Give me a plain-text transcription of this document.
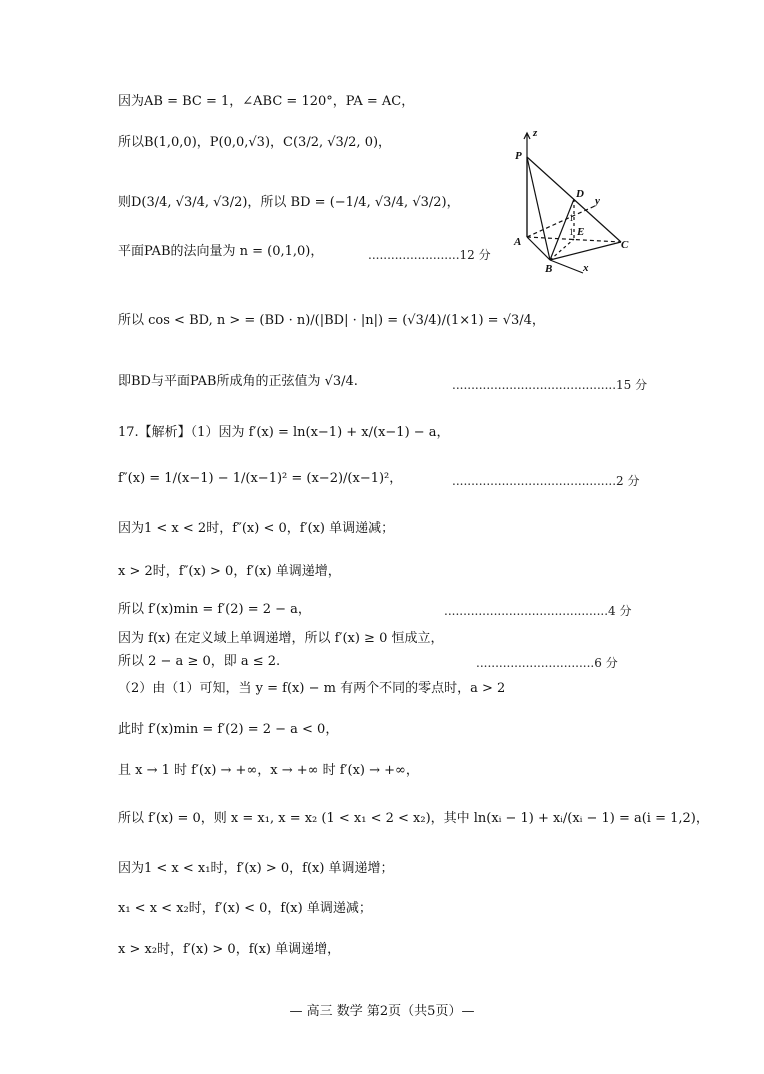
因为AB = BC = 1，∠ABC = 120°，PA = AC，
所以B(1,0,0)，P(0,0,√3)，C(3/2, √3/2, 0)，
则D(3/4, √3/4, √3/2)，所以 BD = (−1/4, √3/4, √3/2)，
平面PAB的法向量为 n = (0,1,0)，	........................12 分
所以 cos < BD, n > = (BD · n)/(|BD| · |n|) = (√3/4)/(1×1) = √3/4，
即BD与平面PAB所成角的正弦值为 √3/4.	...........................................15 分
17.【解析】（1）因为 f′(x) = ln(x−1) + x/(x−1) − a，
f″(x) = 1/(x−1) − 1/(x−1)² = (x−2)/(x−1)²，	...........................................2 分
因为1 < x < 2时，f″(x) < 0，f′(x) 单调递减；
x > 2时，f″(x) > 0，f′(x) 单调递增，
所以 f′(x)min = f′(2) = 2 − a，	...........................................4 分
因为 f(x) 在定义域上单调递增，所以 f′(x) ≥ 0 恒成立，
所以 2 − a ≥ 0，即 a ≤ 2.	...............................6 分
（2）由（1）可知，当 y = f(x) − m 有两个不同的零点时，a > 2
此时 f′(x)min = f′(2) = 2 − a < 0，
且 x → 1 时 f′(x) → +∞，x → +∞ 时 f′(x) → +∞，
所以 f′(x) = 0，则 x = x₁, x = x₂ (1 < x₁ < 2 < x₂)，其中 ln(xᵢ − 1) + xᵢ/(xᵢ − 1) = a(i = 1,2)，
因为1 < x < x₁时，f′(x) > 0，f(x) 单调递增；
x₁ < x < x₂时，f′(x) < 0，f(x) 单调递减；
x > x₂时，f′(x) > 0，f(x) 单调递增，
z
P
D
y
A
E
C
B	x
1
1
— 高三 数学 第2页（共5页）—
